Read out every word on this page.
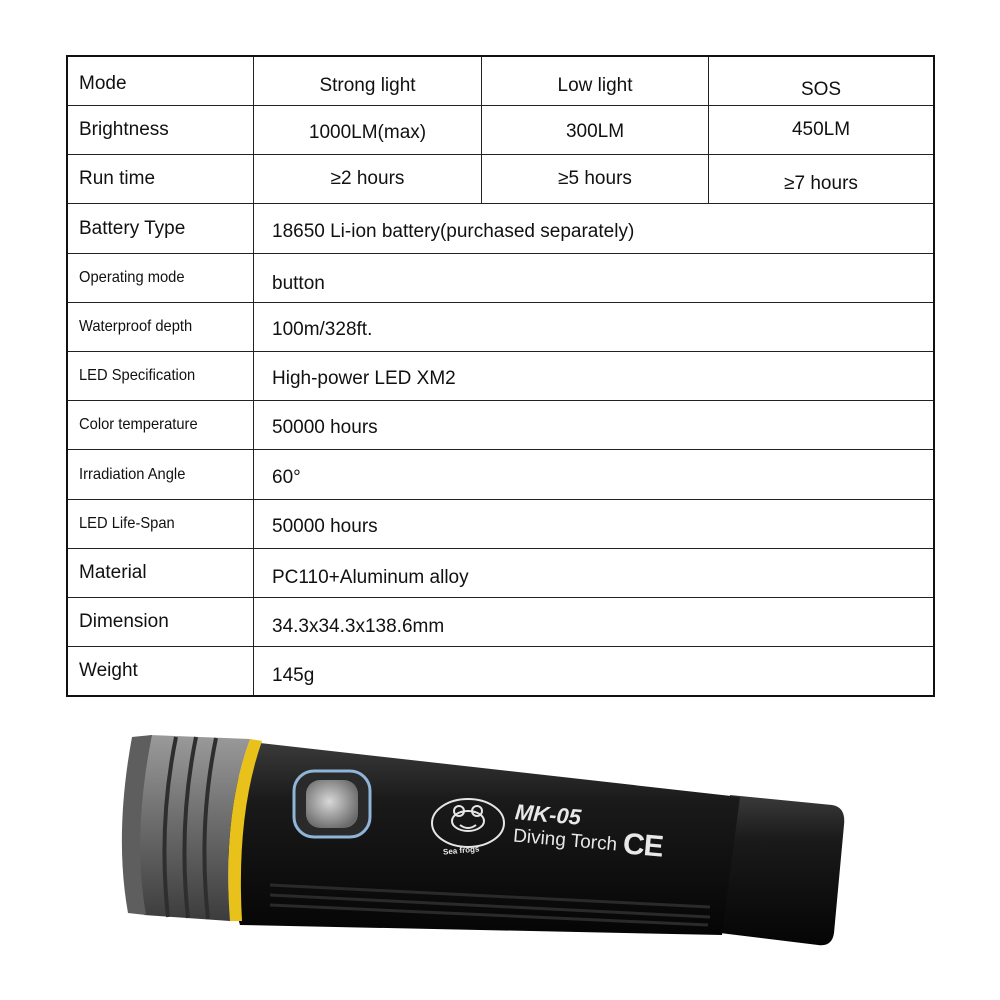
Mode	Strong light	Low light	SOS
Brightness	1000LM(max)	300LM	450LM
Run time	≥2 hours	≥5 hours	≥7 hours
Battery Type	18650 Li-ion battery(purchased separately)
Operating mode	button
Waterproof depth	100m/328ft.
LED Specification	High-power LED XM2
Color temperature	50000 hours
Irradiation Angle	60°
LED Life-Span	50000 hours
Material	PC110+Aluminum alloy
Dimension	34.3x34.3x138.6mm
Weight	145g
MK-05
Diving Torch CE
Sea frogs
